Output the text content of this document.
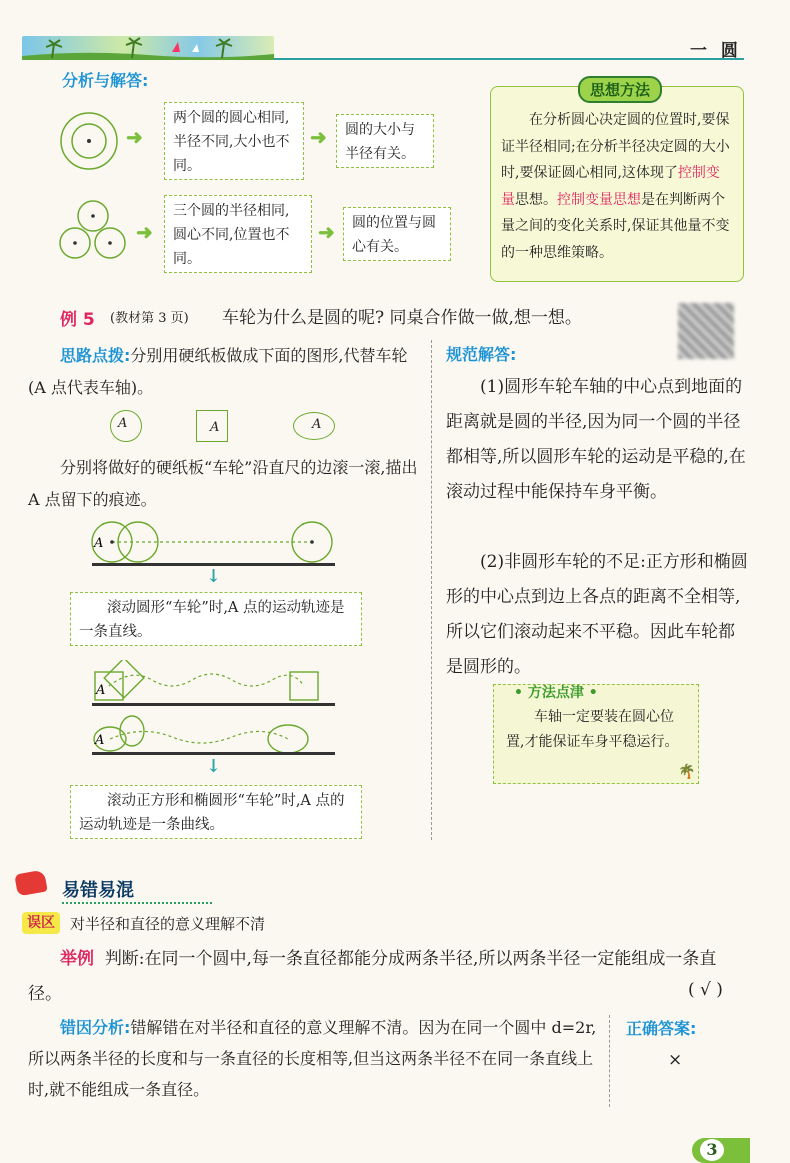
一 圆
分析与解答:
➜
两个圆的圆心相同,半径不同,大小也不同。
➜	圆的大小与半径有关。
➜
三个圆的半径相同,圆心不同,位置也不同。
➜	圆的位置与圆心有关。
在分析圆心决定圆的位置时,要保证半径相同;在分析半径决定圆的大小时,要保证圆心相同,这体现了控制变量思想。控制变量思想是在判断两个量之间的变化关系时,保证其他量不变的一种思维策略。
思想方法
例 5 (教材第 3 页) 车轮为什么是圆的呢? 同桌合作做一做,想一想。
思路点拨:分别用硬纸板做成下面的图形,代替车轮(A 点代表车轴)。
A	A	A
分别将做好的硬纸板“车轮”沿直尺的边滚一滚,描出 A 点留下的痕迹。
A
↓
滚动圆形“车轮”时,A 点的运动轨迹是一条直线。
A
A
↓
滚动正方形和椭圆形“车轮”时,A 点的运动轨迹是一条曲线。
规范解答:
(1)圆形车轮车轴的中心点到地面的距离就是圆的半径,因为同一个圆的半径都相等,所以圆形车轮的运动是平稳的,在滚动过程中能保持车身平衡。
(2)非圆形车轮的不足:正方形和椭圆形的中心点到边上各点的距离不全相等,所以它们滚动起来不平稳。因此车轮都是圆形的。
• 方法点津 •
车轴一定要装在圆心位置,才能保证车身平稳运行。
🌴
易错易混
误区	对半径和直径的意义理解不清
举例 判断:在同一个圆中,每一条直径都能分成两条半径,所以两条半径一定能组成一条直径。	( √ )
错因分析:错解错在对半径和直径的意义理解不清。因为在同一个圆中 d=2r,所以两条半径的长度和与一条直径的长度相等,但当这两条半径不在同一条直线上时,就不能组成一条直径。
正确答案:
×
3
